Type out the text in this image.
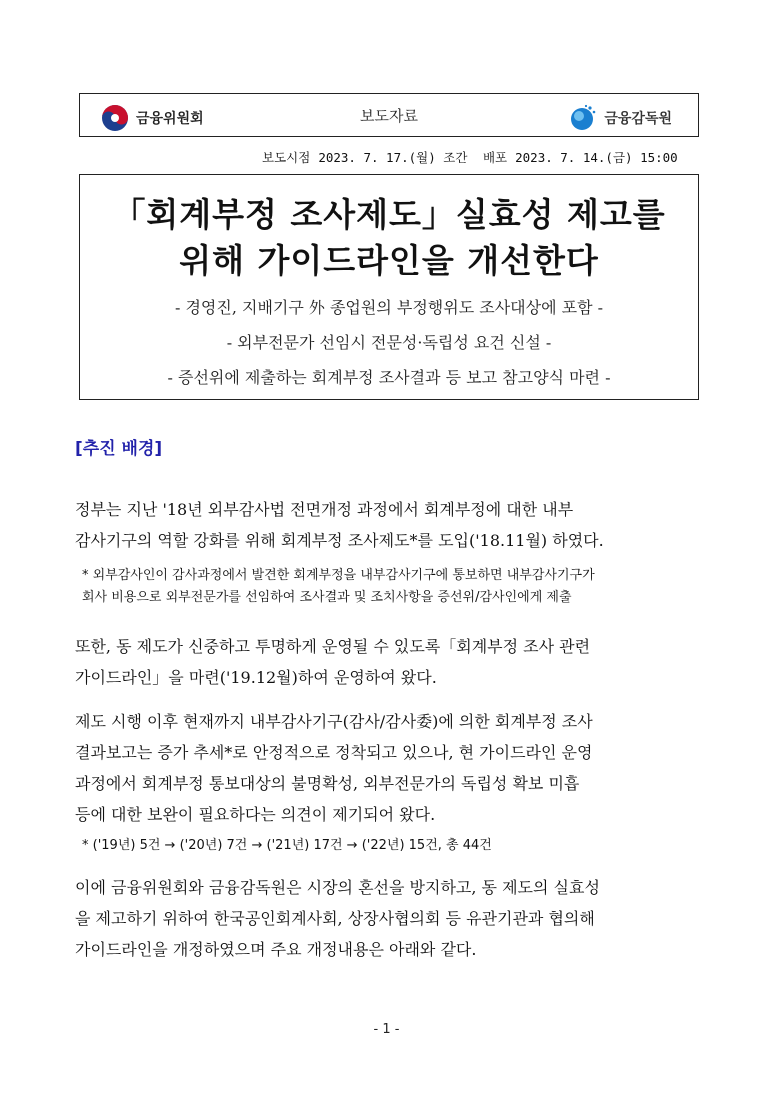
금융위원회	보도자료	금융감독원
보도시점 2023. 7. 17.(월) 조간 배포 2023. 7. 14.(금) 15:00
「회계부정 조사제도」실효성 제고를
위해 가이드라인을 개선한다
- 경영진, 지배기구 外 종업원의 부정행위도 조사대상에 포함 -
- 외부전문가 선임시 전문성·독립성 요건 신설 -
- 증선위에 제출하는 회계부정 조사결과 등 보고 참고양식 마련 -
[추진 배경]

정부는 지난 '18년 외부감사법 전면개정 과정에서 회계부정에 대한 내부

감사기구의 역할 강화를 위해 회계부정 조사제도*를 도입('18.11월) 하였다.

* 외부감사인이 감사과정에서 발견한 회계부정을 내부감사기구에 통보하면 내부감사기구가

회사 비용으로 외부전문가를 선임하여 조사결과 및 조치사항을 증선위/감사인에게 제출

또한, 동 제도가 신중하고 투명하게 운영될 수 있도록「회계부정 조사 관련

가이드라인」을 마련('19.12월)하여 운영하여 왔다.

제도 시행 이후 현재까지 내부감사기구(감사/감사委)에 의한 회계부정 조사

결과보고는 증가 추세*로 안정적으로 정착되고 있으나, 현 가이드라인 운영

과정에서 회계부정 통보대상의 불명확성, 외부전문가의 독립성 확보 미흡

등에 대한 보완이 필요하다는 의견이 제기되어 왔다.

* ('19년) 5건 → ('20년) 7건 → ('21년) 17건 → ('22년) 15건, 총 44건

이에 금융위원회와 금융감독원은 시장의 혼선을 방지하고, 동 제도의 실효성

을 제고하기 위하여 한국공인회계사회, 상장사협의회 등 유관기관과 협의해

가이드라인을 개정하였으며 주요 개정내용은 아래와 같다.

- 1 -
